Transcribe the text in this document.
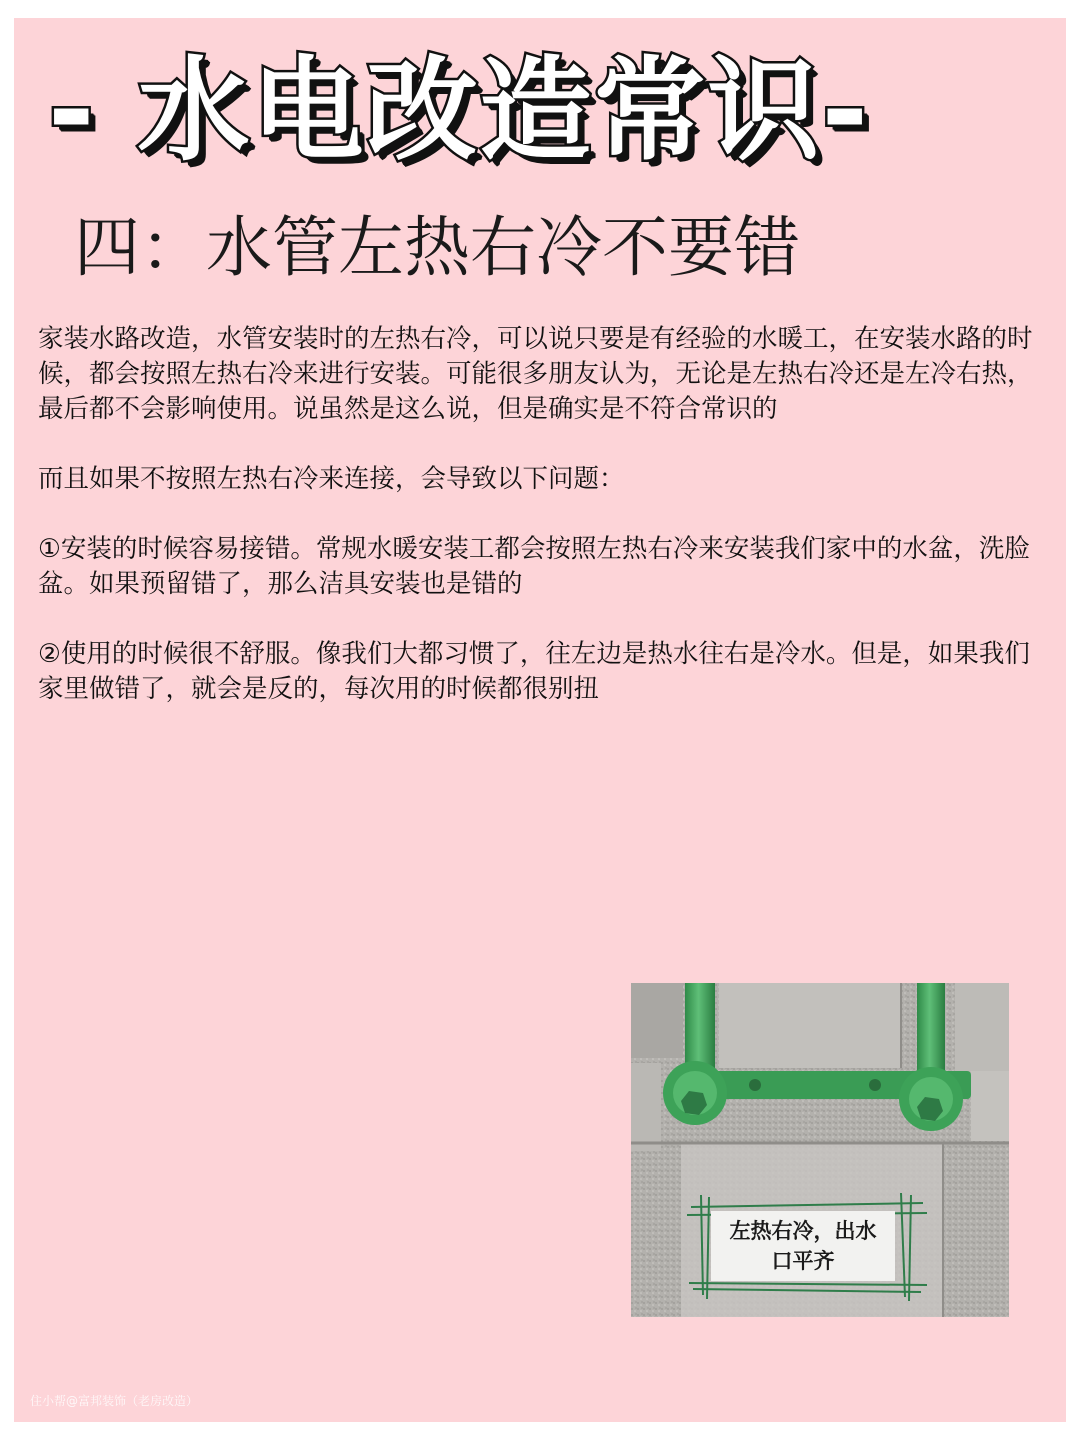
- 水电改造常识-
四：水管左热右冷不要错

家装水路改造，水管安装时的左热右冷，可以说只要是有经验的水暖工，在安装水路的时候，都会按照左热右冷来进行安装。可能很多朋友认为，无论是左热右冷还是左冷右热，最后都不会影响使用。说虽然是这么说，但是确实是不符合常识的

而且如果不按照左热右冷来连接，会导致以下问题：

①安装的时候容易接错。常规水暖安装工都会按照左热右冷来安装我们家中的水盆，洗脸盆。如果预留错了，那么洁具安装也是错的

②使用的时候很不舒服。像我们大都习惯了，往左边是热水往右是冷水。但是，如果我们家里做错了，就会是反的，每次用的时候都很别扭

左热右冷，出水
口平齐
住小帮@富邦装饰（老房改造）
